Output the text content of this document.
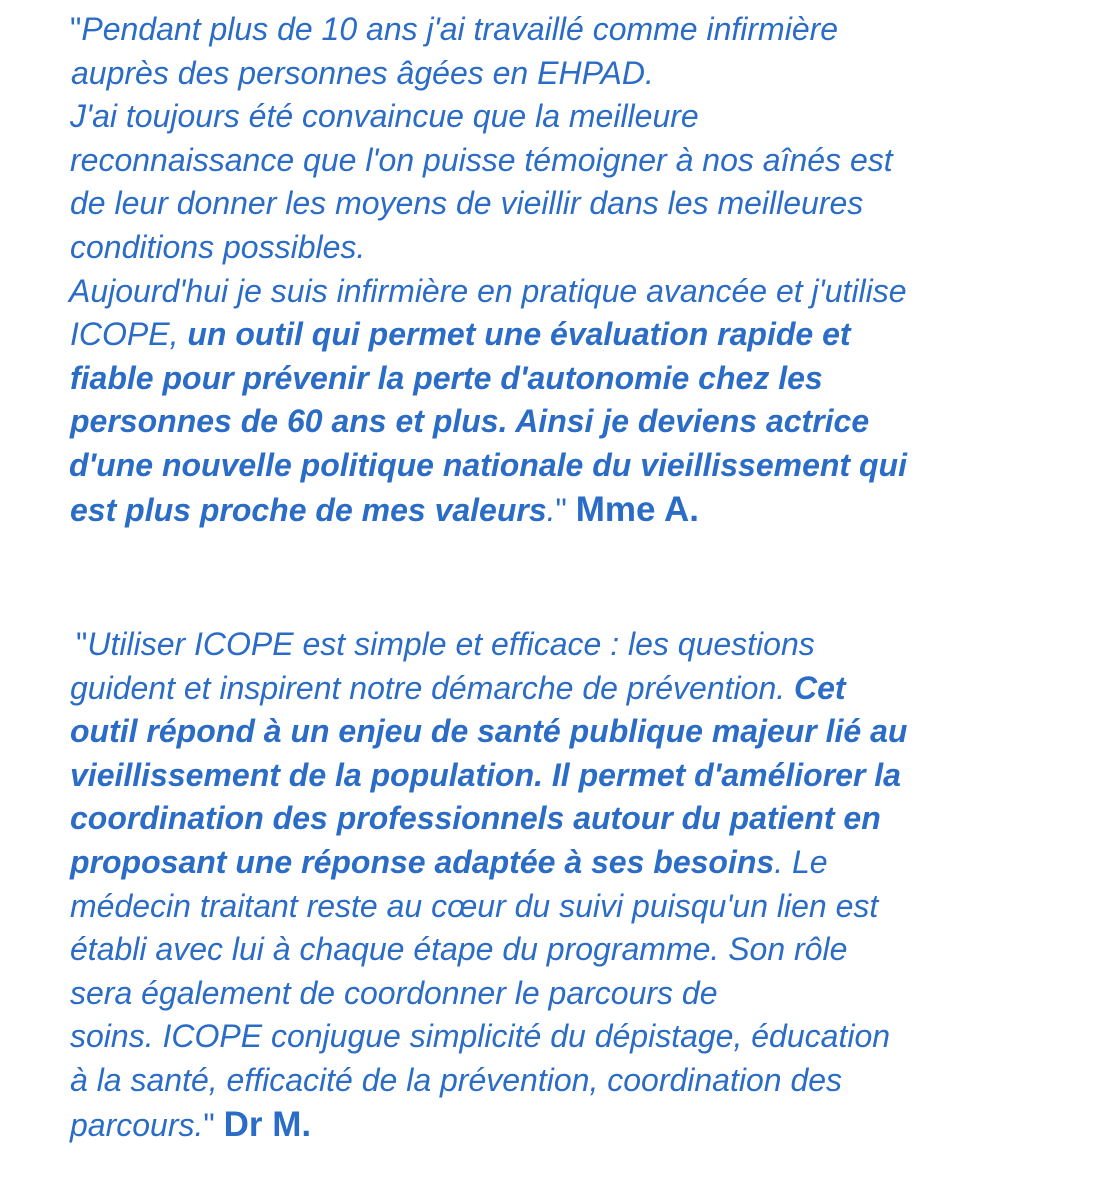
"Pendant plus de 10 ans j'ai travaillé comme infirmière
auprès des personnes âgées en EHPAD.
J'ai toujours été convaincue que la meilleure
reconnaissance que l'on puisse témoigner à nos aînés est
de leur donner les moyens de vieillir dans les meilleures
conditions possibles.
Aujourd'hui je suis infirmière en pratique avancée et j'utilise
ICOPE, un outil qui permet une évaluation rapide et
fiable pour prévenir la perte d'autonomie chez les
personnes de 60 ans et plus. Ainsi je deviens actrice
d'une nouvelle politique nationale du vieillissement qui
est plus proche de mes valeurs." Mme A.
"Utiliser ICOPE est simple et efficace : les questions
guident et inspirent notre démarche de prévention. Cet
outil répond à un enjeu de santé publique majeur lié au
vieillissement de la population. Il permet d'améliorer la
coordination des professionnels autour du patient en
proposant une réponse adaptée à ses besoins. Le
médecin traitant reste au cœur du suivi puisqu'un lien est
établi avec lui à chaque étape du programme. Son rôle
sera également de coordonner le parcours de
soins. ICOPE conjugue simplicité du dépistage, éducation
à la santé, efficacité de la prévention, coordination des
parcours." Dr M.
